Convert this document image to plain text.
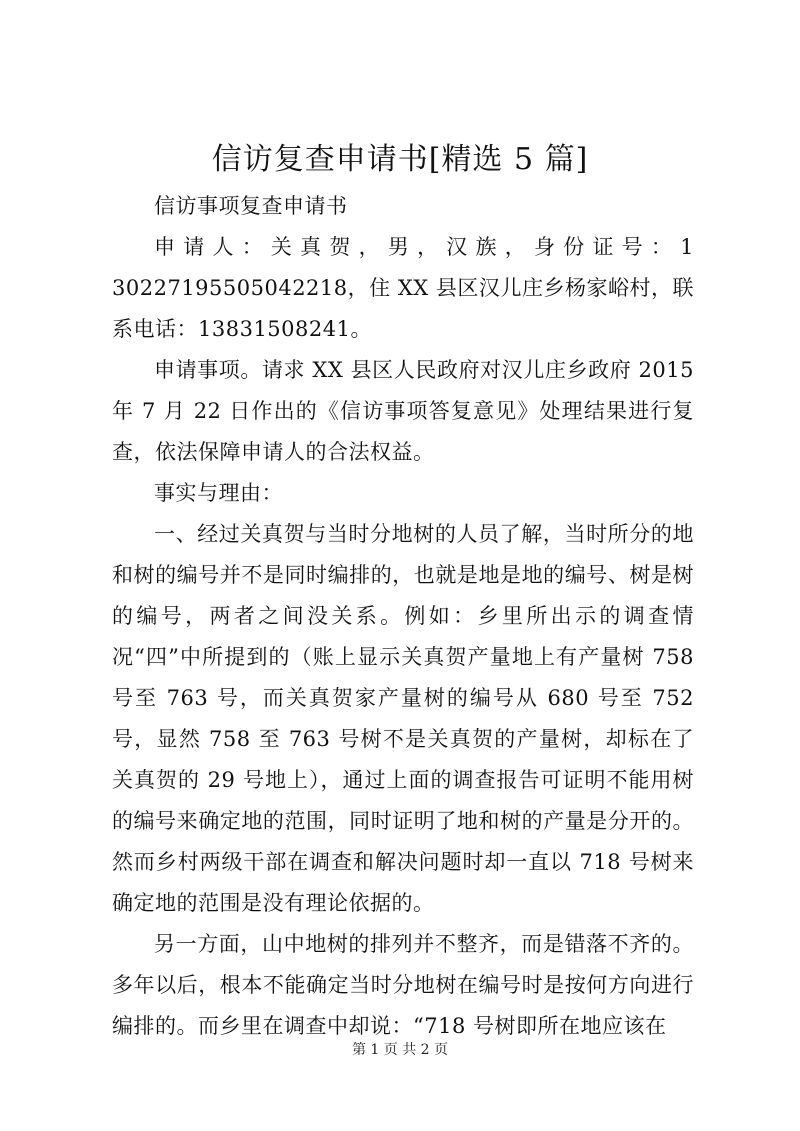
信访复查申请书[精选 5 篇]

信访事项复查申请书

申 请 人 ： 关 真 贺 ， 男 ， 汉 族 ， 身 份 证 号 ： 130227195505042218，住 XX 县区汉儿庄乡杨家峪村，联系电话：13831508241。

申请事项。请求 XX 县区人民政府对汉儿庄乡政府 2015 年 7 月 22 日作出的《信访事项答复意见》处理结果进行复查，依法保障申请人的合法权益。

事实与理由：

一、经过关真贺与当时分地树的人员了解，当时所分的地和树的编号并不是同时编排的，也就是地是地的编号、树是树的编号，两者之间没关系。例如：乡里所出示的调查情况“四”中所提到的（账上显示关真贺产量地上有产量树 758 号至 763 号，而关真贺家产量树的编号从 680 号至 752 号，显然 758 至 763 号树不是关真贺的产量树，却标在了关真贺的 29 号地上），通过上面的调查报告可证明不能用树的编号来确定地的范围，同时证明了地和树的产量是分开的。然而乡村两级干部在调查和解决问题时却一直以 718 号树来确定地的范围是没有理论依据的。

另一方面，山中地树的排列并不整齐，而是错落不齐的。多年以后，根本不能确定当时分地树在编号时是按何方向进行编排的。而乡里在调查中却说：“718 号树即所在地应该在

第 1 页 共 2 页
